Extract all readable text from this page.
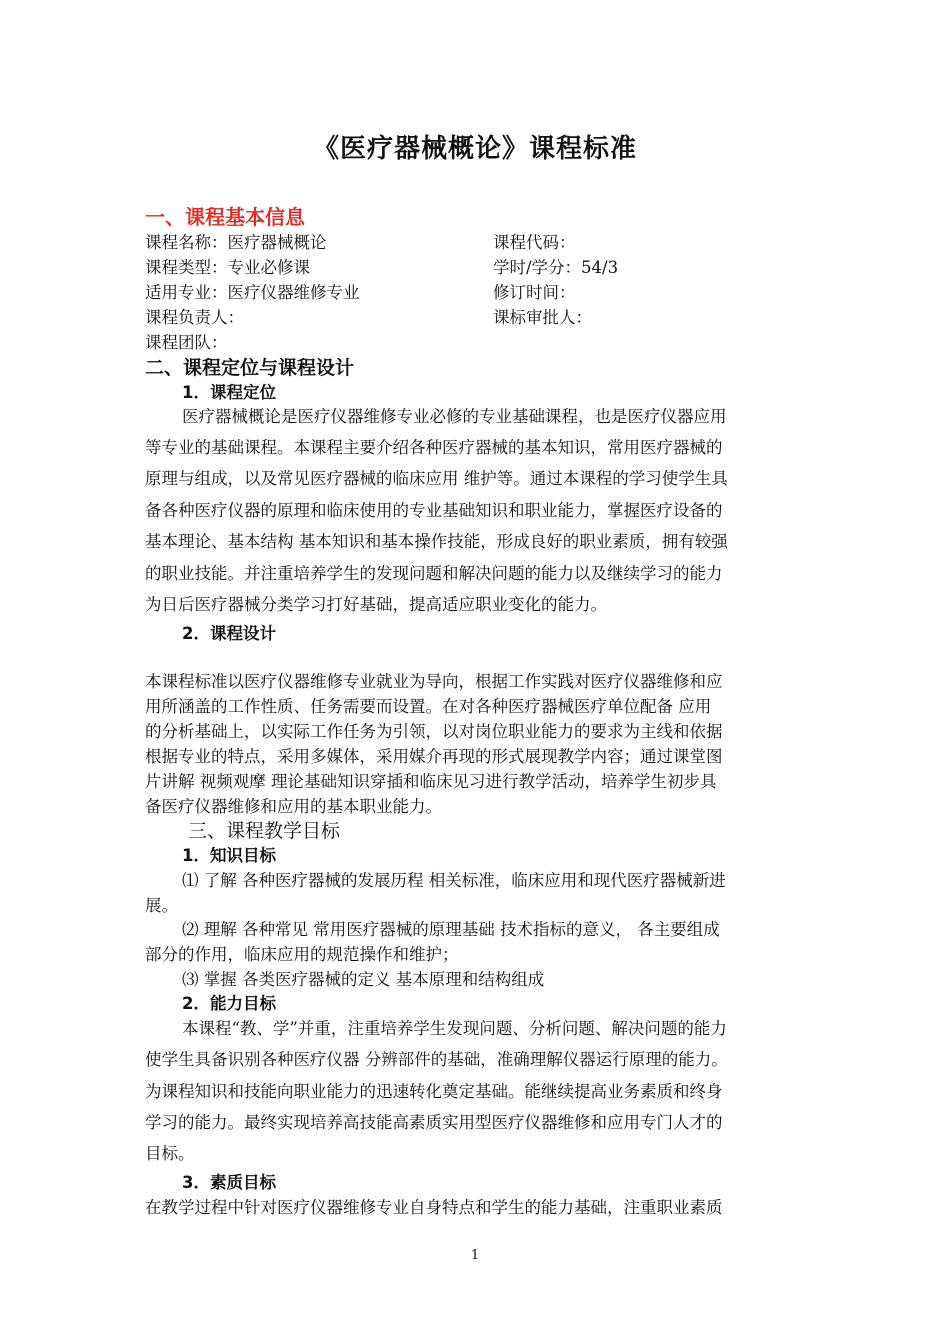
《医疗器械概论》课程标准
一、课程基本信息
课程名称：医疗器械概论	课程代码：
课程类型：专业必修课	学时/学分：54/3
适用专业：医疗仪器维修专业	修订时间：
课程负责人：	课标审批人：
课程团队：
二、课程定位与课程设计
1．课程定位
医疗器械概论是医疗仪器维修专业必修的专业基础课程，也是医疗仪器应用
等专业的基础课程。本课程主要介绍各种医疗器械的基本知识，常用医疗器械的
原理与组成，以及常见医疗器械的临床应用 维护等。通过本课程的学习使学生具
备各种医疗仪器的原理和临床使用的专业基础知识和职业能力，掌握医疗设备的
基本理论、基本结构 基本知识和基本操作技能，形成良好的职业素质，拥有较强
的职业技能。并注重培养学生的发现问题和解决问题的能力以及继续学习的能力
为日后医疗器械分类学习打好基础，提高适应职业变化的能力。
2．课程设计
本课程标准以医疗仪器维修专业就业为导向，根据工作实践对医疗仪器维修和应
用所涵盖的工作性质、任务需要而设置。在对各种医疗器械医疗单位配备 应用
的分析基础上，以实际工作任务为引领，以对岗位职业能力的要求为主线和依据
根据专业的特点，采用多媒体，采用媒介再现的形式展现教学内容；通过课堂图
片讲解 视频观摩 理论基础知识穿插和临床见习进行教学活动，培养学生初步具
备医疗仪器维修和应用的基本职业能力。
三、课程教学目标
1．知识目标
⑴ 了解 各种医疗器械的发展历程 相关标准，临床应用和现代医疗器械新进
展。
⑵ 理解 各种常见 常用医疗器械的原理基础 技术指标的意义， 各主要组成
部分的作用，临床应用的规范操作和维护；
⑶ 掌握 各类医疗器械的定义 基本原理和结构组成
2．能力目标
本课程“教、学”并重，注重培养学生发现问题、分析问题、解决问题的能力
使学生具备识别各种医疗仪器 分辨部件的基础，准确理解仪器运行原理的能力。
为课程知识和技能向职业能力的迅速转化奠定基础。能继续提高业务素质和终身
学习的能力。最终实现培养高技能高素质实用型医疗仪器维修和应用专门人才的
目标。
3．素质目标
在教学过程中针对医疗仪器维修专业自身特点和学生的能力基础，注重职业素质
1
